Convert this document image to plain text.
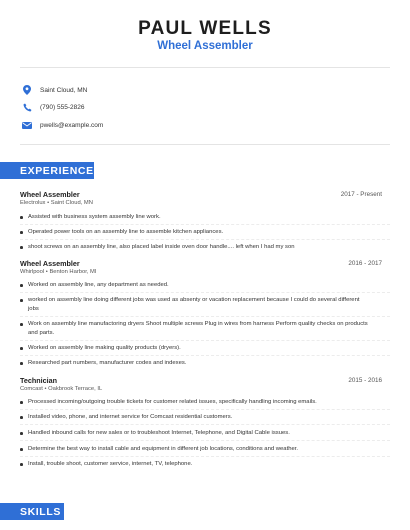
PAUL WELLS
Wheel Assembler
Saint Cloud, MN
(790) 555-2826
pwells@example.com
EXPERIENCE
Wheel Assembler	2017 - Present
Electrolux • Saint Cloud, MN
Assisted with business system assembly line work.
Operated power tools on an assembly line to assemble kitchen appliances.
shoot screws on an assembly line, also placed label inside oven door handle.... left when I had my son
Wheel Assembler	2016 - 2017
Whirlpool • Benton Harbor, MI
Worked on assembly line, any department as needed.
worked on assembly line doing different jobs was used as absenty or vacation replacement because I could do several different jobs
Work on assembly line manufactoring dryers Shoot multiple screws Plug in wires from harness Perform quality checks on products and parts.
Worked on assembly line making quality products (dryers).
Researched part numbers, manufacturer codes and indexes.
Technician	2015 - 2016
Comcast • Oakbrook Terrace, IL
Processed incoming/outgoing trouble tickets for customer related issues, specifically handling incoming emails.
Installed video, phone, and internet service for Comcast residential customers.
Handled inbound calls for new sales or to troubleshoot Internet, Telephone, and Digital Cable issues.
Determine the best way to install cable and equipment in different job locations, conditions and weather.
Install, trouble shoot, customer service, internet, TV, telephone.
SKILLS
